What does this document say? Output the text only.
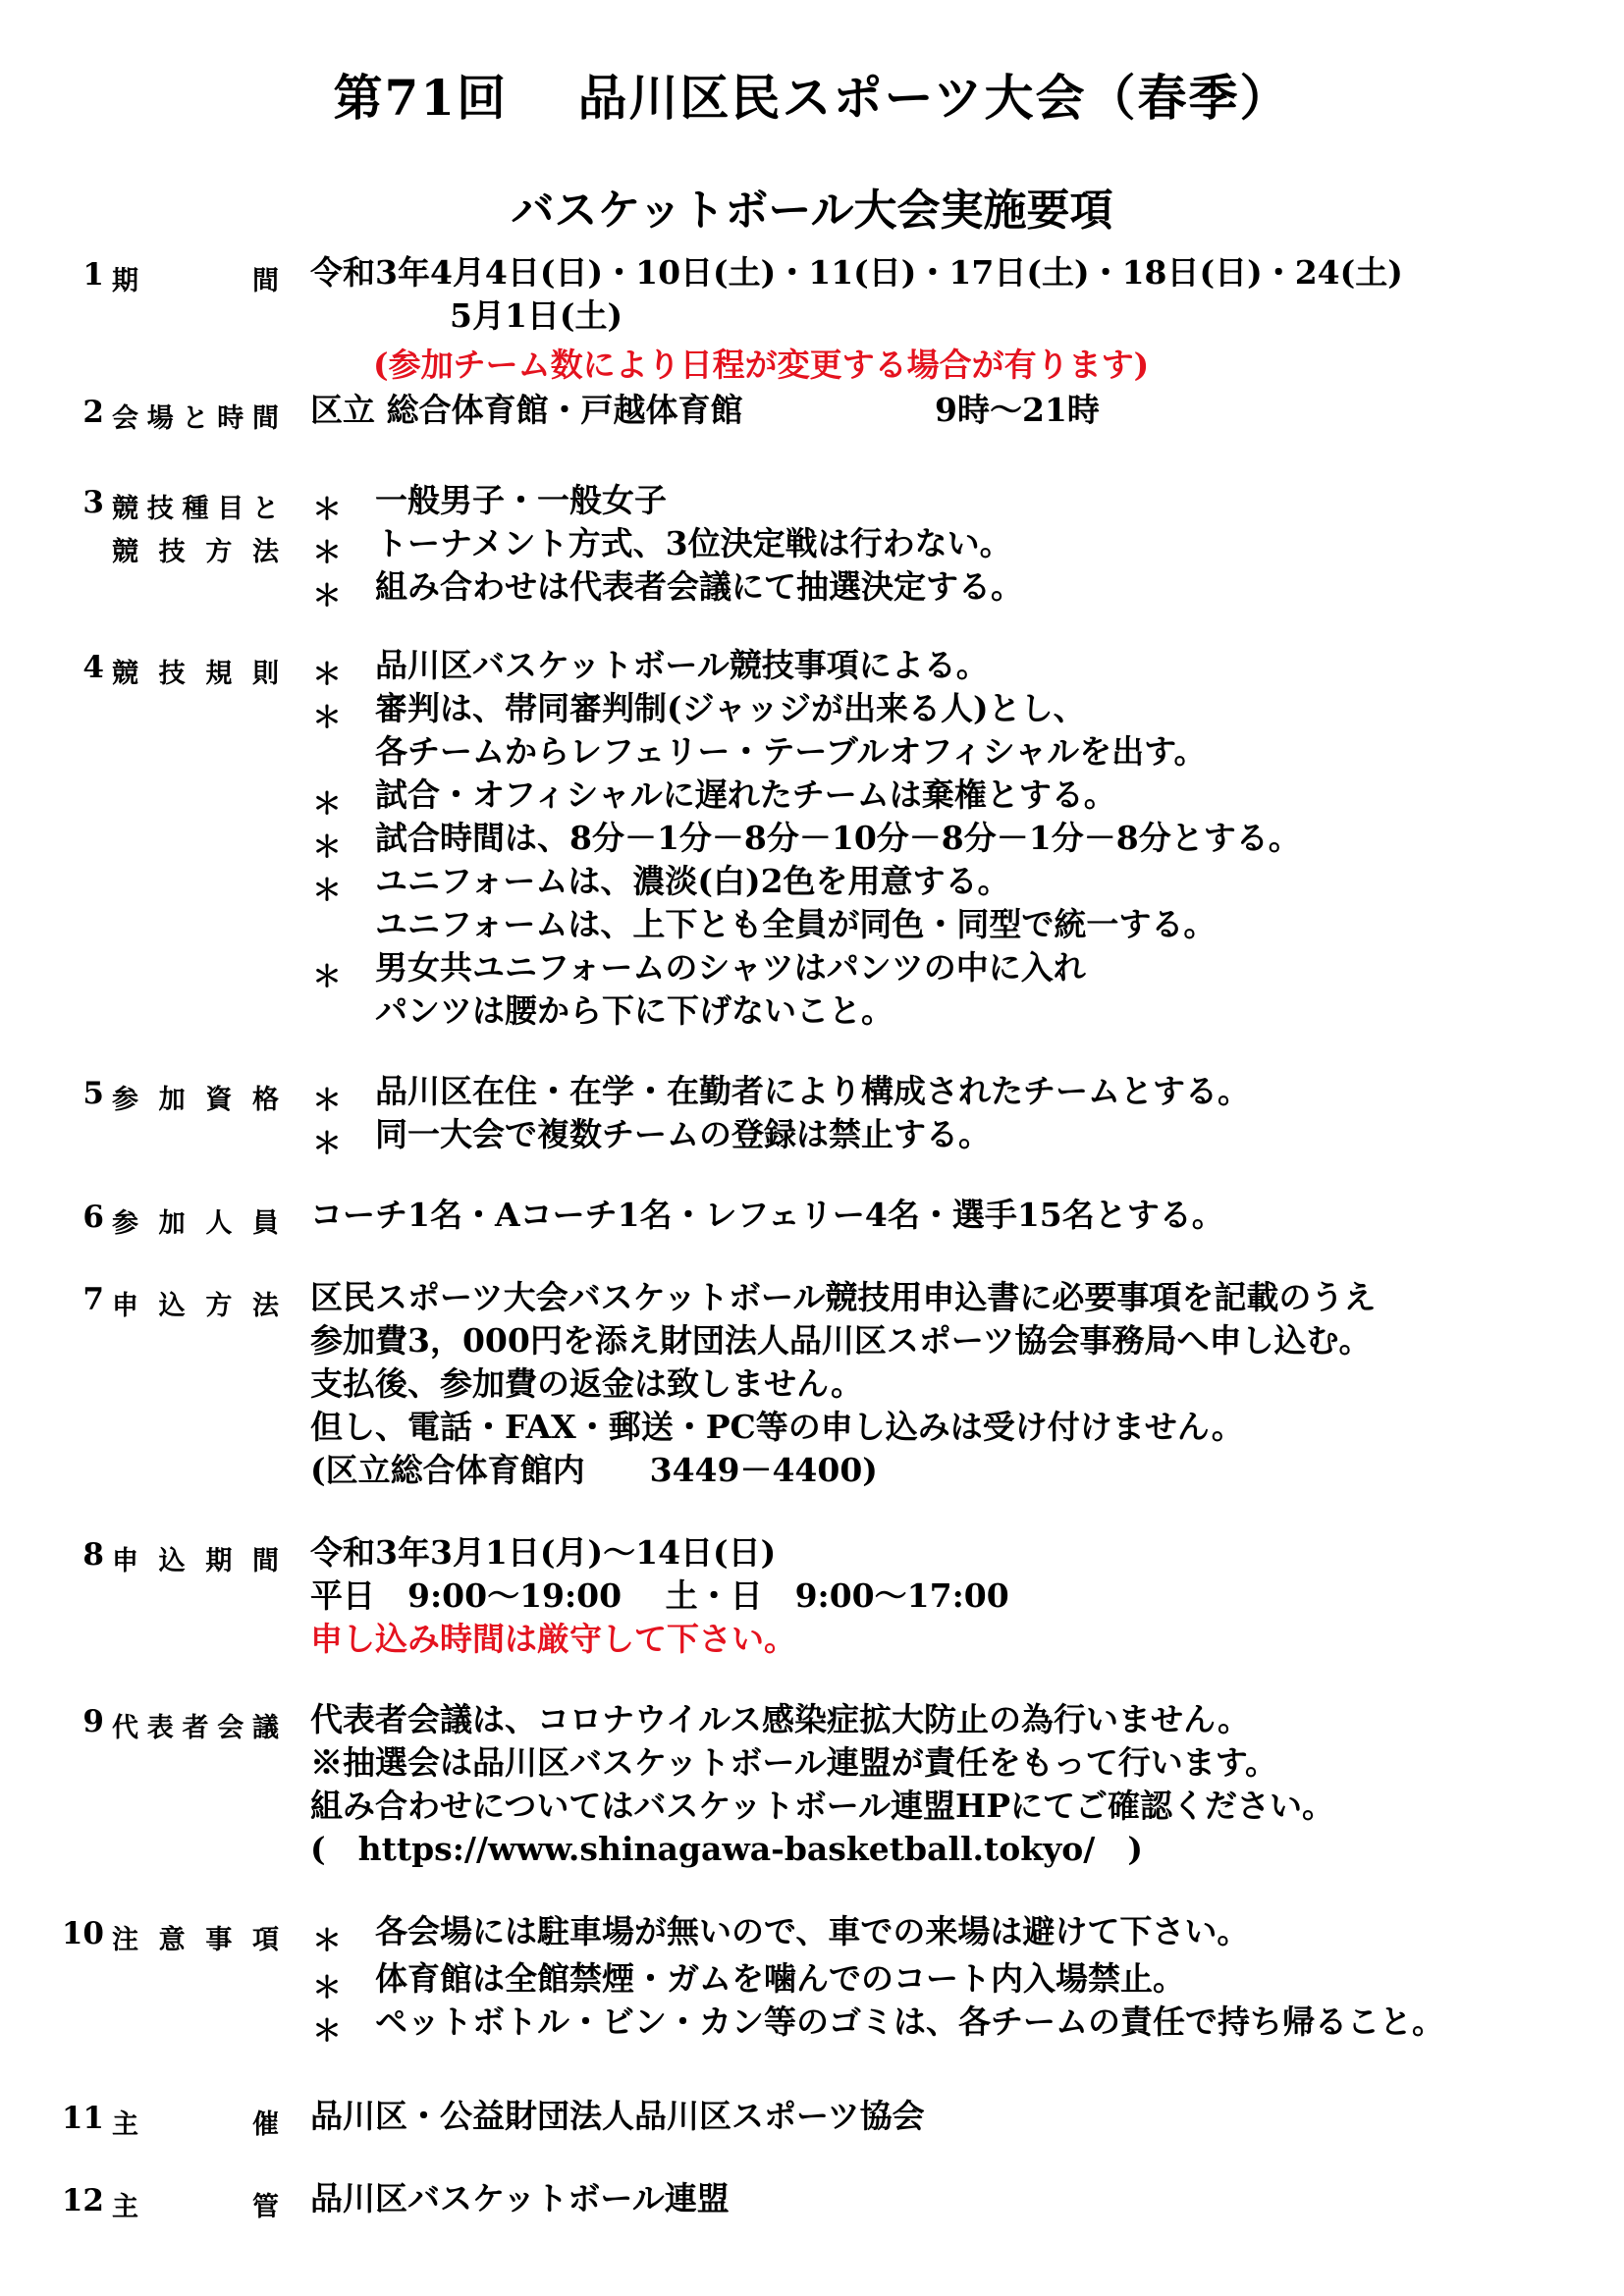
第71回　 品川区民スポーツ大会（春季）
バスケットボール大会実施要項
1 期　　間 令和3年4月4日(日)・10日(土)・11(日)・17日(土)・18日(日)・24(土)
5月1日(土)
(参加チーム数により日程が変更する場合が有ります)
2 会場と時間 区立 総合体育館・戸越体育館	9時～21時
3 競技種目と
競技方法
＊ 一般男子・一般女子
＊ トーナメント方式、3位決定戦は行わない。
＊ 組み合わせは代表者会議にて抽選決定する。
4 競技規則 ＊ 品川区バスケットボール競技事項による。
＊ 審判は、帯同審判制(ジャッジが出来る人)とし、
各チームからレフェリー・テーブルオフィシャルを出す。
＊ 試合・オフィシャルに遅れたチームは棄権とする。
＊ 試合時間は、8分－1分－8分－10分－8分－1分－8分とする。
＊ ユニフォームは、濃淡(白)2色を用意する。
ユニフォームは、上下とも全員が同色・同型で統一する。
＊ 男女共ユニフォームのシャツはパンツの中に入れ
パンツは腰から下に下げないこと。
5 参加資格 ＊ 品川区在住・在学・在勤者により構成されたチームとする。
＊ 同一大会で複数チームの登録は禁止する。
6 参加人員 コーチ1名・Aコーチ1名・レフェリー4名・選手15名とする。
7 申込方法 区民スポーツ大会バスケットボール競技用申込書に必要事項を記載のうえ
参加費3，000円を添え財団法人品川区スポーツ協会事務局へ申し込む。
支払後、参加費の返金は致しません。
但し、電話・FAX・郵送・PC等の申し込みは受け付けません。
(区立総合体育館内　　3449－4400)
8 申込期間 令和3年3月1日(月)～14日(日)
平日　9:00～19:00　 土・日　9:00～17:00
申し込み時間は厳守して下さい。
9 代表者会議 代表者会議は、コロナウイルス感染症拡大防止の為行いません。
※抽選会は品川区バスケットボール連盟が責任をもって行います。
組み合わせについてはバスケットボール連盟HPにてご確認ください。
(　https://www.shinagawa-basketball.tokyo/　)
10 注意事項 ＊ 各会場には駐車場が無いので、車での来場は避けて下さい。
＊ 体育館は全館禁煙・ガムを噛んでのコート内入場禁止。
＊ ペットボトル・ビン・カン等のゴミは、各チームの責任で持ち帰ること。
11 主　　催 品川区・公益財団法人品川区スポーツ協会
12 主　　管 品川区バスケットボール連盟
